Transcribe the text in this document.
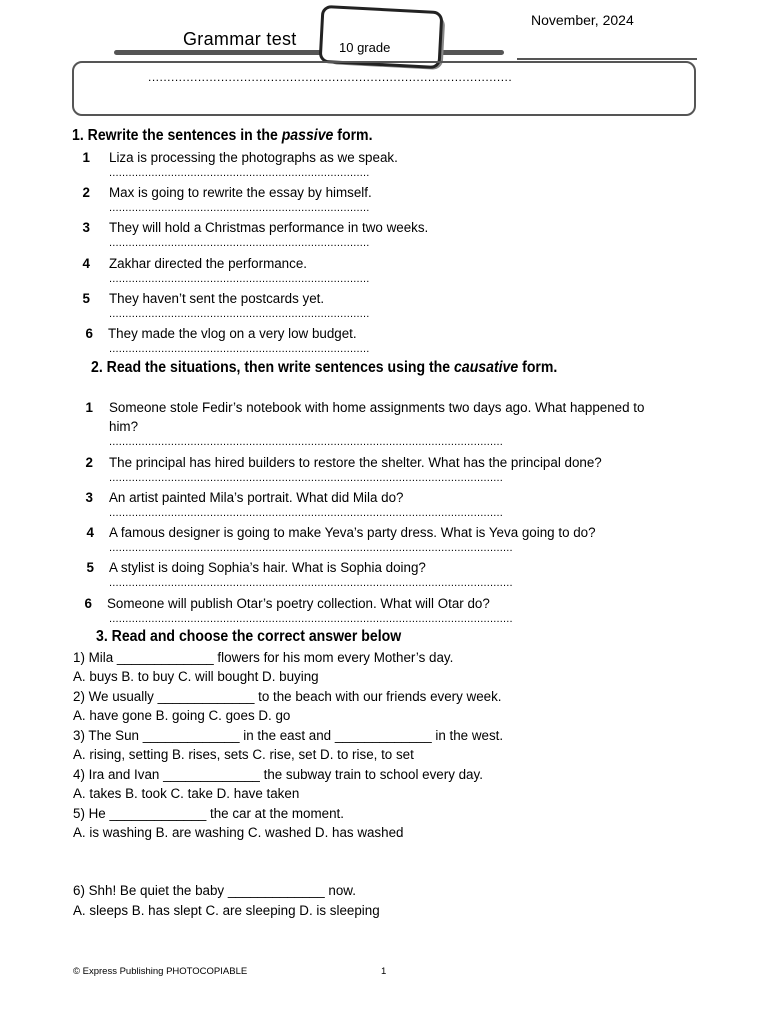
November, 2024
Grammar test	10 grade
...............................................................................................
1. Rewrite the sentences in the passive form.
1 Liza is processing the photographs as we speak.
................................................................................
2 Max is going to rewrite the essay by himself.
................................................................................
3 They will hold a Christmas performance in two weeks.
................................................................................
4 Zakhar directed the performance.
................................................................................
5 They haven’t sent the postcards yet.
................................................................................
6 They made the vlog on a very low budget.
................................................................................
2. Read the situations, then write sentences using the causative form.
1 Someone stole Fedir’s notebook with home assignments two days ago. What happened to
him?
.........................................................................................................................
2 The principal has hired builders to restore the shelter. What has the principal done?
.........................................................................................................................
3 An artist painted Mila’s portrait. What did Mila do?
.........................................................................................................................
4 A famous designer is going to make Yeva’s party dress. What is Yeva going to do?
............................................................................................................................
5 A stylist is doing Sophia’s hair. What is Sophia doing?
............................................................................................................................
6 Someone will publish Otar’s poetry collection. What will Otar do?
............................................................................................................................
3. Read and choose the correct answer below
1) Mila _____________ flowers for his mom every Mother’s day.
A. buys B. to buy C. will bought D. buying
2) We usually _____________ to the beach with our friends every week.
A. have gone B. going C. goes D. go
3) The Sun _____________ in the east and _____________ in the west.
A. rising, setting B. rises, sets C. rise, set D. to rise, to set
4) Ira and Ivan _____________ the subway train to school every day.
A. takes B. took C. take D. have taken
5) He _____________ the car at the moment.
A. is washing B. are washing C. washed D. has washed
6) Shh! Be quiet the baby _____________ now.
A. sleeps B. has slept C. are sleeping D. is sleeping
© Express Publishing PHOTOCOPIABLE	1
